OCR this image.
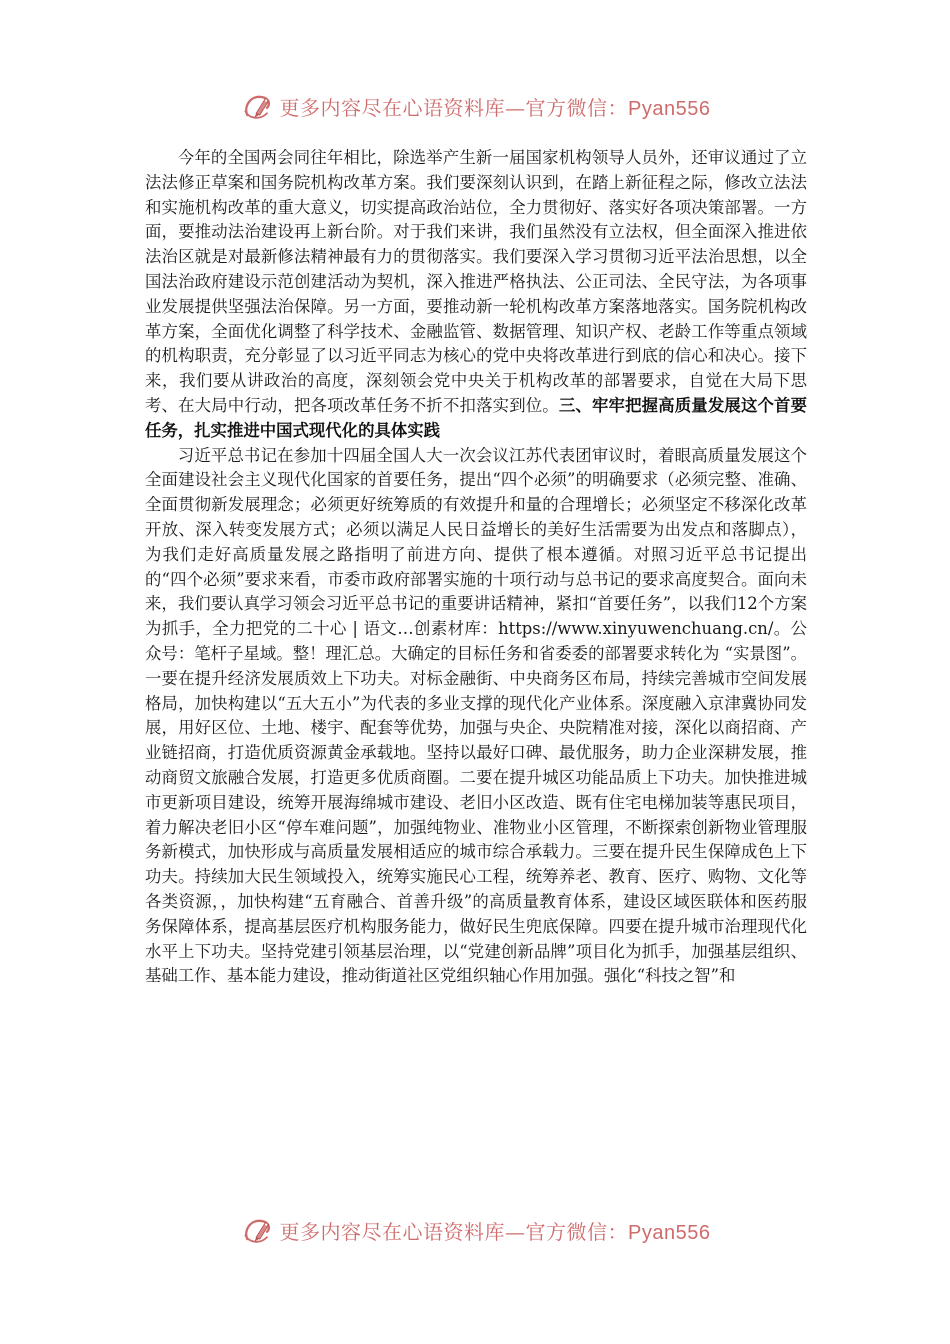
更多内容尽在心语资料库—官方微信：Pyan556

今年的全国两会同往年相比，除选举产生新一届国家机构领导人员外，还审议通过了立法法修正草案和国务院机构改革方案。我们要深刻认识到，在踏上新征程之际，修改立法法和实施机构改革的重大意义，切实提高政治站位，全力贯彻好、落实好各项决策部署。一方面，要推动法治建设再上新台阶。对于我们来讲，我们虽然没有立法权，但全面深入推进依法治区就是对最新修法精神最有力的贯彻落实。我们要深入学习贯彻习近平法治思想，以全国法治政府建设示范创建活动为契机，深入推进严格执法、公正司法、全民守法，为各项事业发展提供坚强法治保障。另一方面，要推动新一轮机构改革方案落地落实。国务院机构改革方案，全面优化调整了科学技术、金融监管、数据管理、知识产权、老龄工作等重点领域的机构职责，充分彰显了以习近平同志为核心的党中央将改革进行到底的信心和决心。接下来，我们要从讲政治的高度，深刻领会党中央关于机构改革的部署要求，自觉在大局下思考、在大局中行动，把各项改革任务不折不扣落实到位。三、牢牢把握高质量发展这个首要任务，扎实推进中国式现代化的具体实践

习近平总书记在参加十四届全国人大一次会议江苏代表团审议时，着眼高质量发展这个全面建设社会主义现代化国家的首要任务，提出“四个必须”的明确要求（必须完整、准确、全面贯彻新发展理念；必须更好统筹质的有效提升和量的合理增长；必须坚定不移深化改革开放、深入转变发展方式；必须以满足人民日益增长的美好生活需要为出发点和落脚点），为我们走好高质量发展之路指明了前进方向、提供了根本遵循。对照习近平总书记提出的“四个必须”要求来看，市委市政府部署实施的十项行动与总书记的要求高度契合。面向未来，我们要认真学习领会习近平总书记的重要讲话精神，紧扣“首要任务”，以我们12个方案为抓手，全力把党的二十心 | 语文…创素材库：https://www.xinyuwenchuang.cn/。公众号：笔杆子星域。整！理汇总。大确定的目标任务和省委委的部署要求转化为 “实景图”。一要在提升经济发展质效上下功夫。对标金融街、中央商务区布局，持续完善城市空间发展格局，加快构建以“五大五小”为代表的多业支撑的现代化产业体系。深度融入京津冀协同发展，用好区位、土地、楼宇、配套等优势，加强与央企、央院精准对接，深化以商招商、产业链招商，打造优质资源黄金承载地。坚持以最好口碑、最优服务，助力企业深耕发展，推动商贸文旅融合发展，打造更多优质商圈。二要在提升城区功能品质上下功夫。加快推进城市更新项目建设，统筹开展海绵城市建设、老旧小区改造、既有住宅电梯加装等惠民项目，着力解决老旧小区“停车难问题”，加强纯物业、准物业小区管理，不断探索创新物业管理服务新模式，加快形成与高质量发展相适应的城市综合承载力。三要在提升民生保障成色上下功夫。持续加大民生领域投入，统筹实施民心工程，统筹养老、教育、医疗、购物、文化等各类资源，，加快构建“五育融合、首善升级”的高质量教育体系，建设区域医联体和医药服务保障体系，提高基层医疗机构服务能力，做好民生兜底保障。四要在提升城市治理现代化水平上下功夫。坚持党建引领基层治理，以“党建创新品牌”项目化为抓手，加强基层组织、基础工作、基本能力建设，推动街道社区党组织轴心作用加强。强化“科技之智”和

更多内容尽在心语资料库—官方微信：Pyan556
